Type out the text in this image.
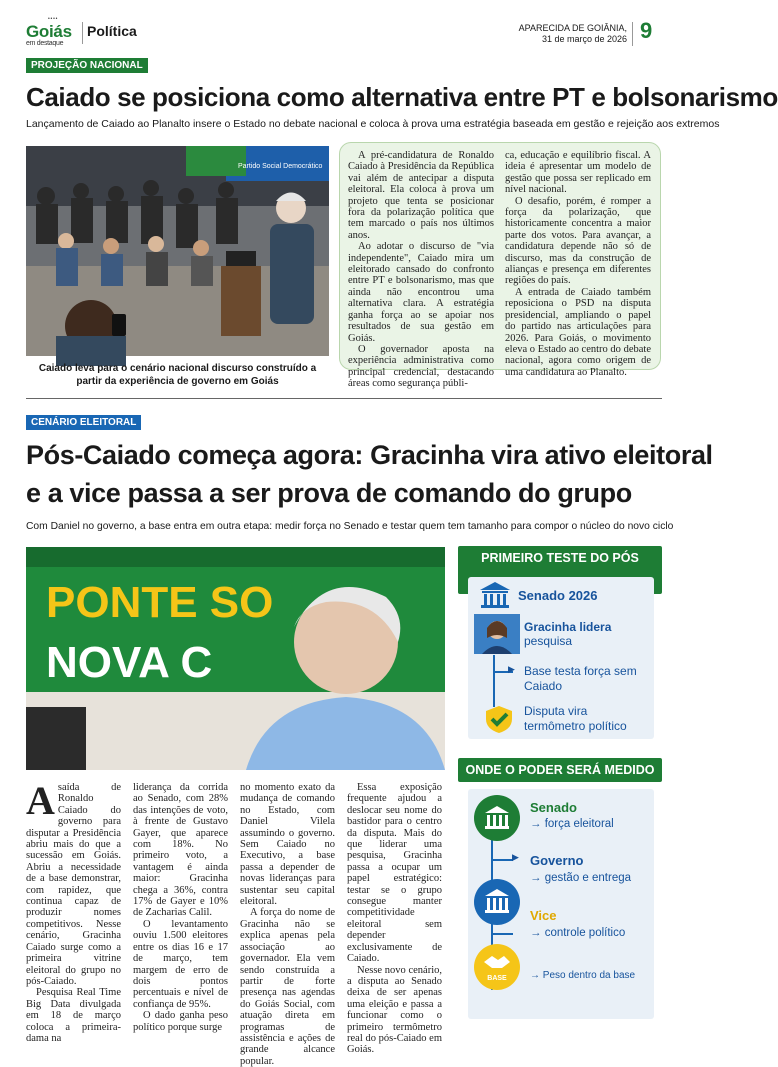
• • • •
Goiás
em destaque
Política	APARECIDA DE GOIÂNIA,
31 de março de 2026 9
PROJEÇÃO NACIONAL
Caiado se posiciona como alternativa entre PT e bolsonarismo
Lançamento de Caiado ao Planalto insere o Estado no debate nacional e coloca à prova uma estratégia baseada em gestão e rejeição aos extremos
Partido Social Democrático
Caiado leva para o cenário nacional discurso construído a
partir da experiência de governo em Goiás

A pré-candidatura de Ronaldo Caiado à Presidência da República vai além de antecipar a disputa eleitoral. Ela coloca à prova um projeto que tenta se posicionar fora da polarização política que tem marcado o país nos últimos anos.

Ao adotar o discurso de "via independente", Caiado mira um eleitorado cansado do confronto entre PT e bolsonarismo, mas que ainda não encontrou uma alternativa clara. A estratégia ganha força ao se apoiar nos resultados de sua gestão em Goiás.

O governador aposta na experiência administrativa como principal credencial, destacando áreas como segurança públi-

ca, educação e equilíbrio fiscal. A ideia é apresentar um modelo de gestão que possa ser replicado em nível nacional.

O desafio, porém, é romper a força da polarização, que historicamente concentra a maior parte dos votos. Para avançar, a candidatura depende não só de discurso, mas da construção de alianças e presença em diferentes regiões do país.

A entrada de Caiado também reposiciona o PSD na disputa presidencial, ampliando o papel do partido nas articulações para 2026. Para Goiás, o movimento eleva o Estado ao centro do debate nacional, agora como origem de uma candidatura ao Planalto.

CENÁRIO ELEITORAL
Pós-Caiado começa agora: Gracinha vira ativo eleitoral
e a vice passa a ser prova de comando do grupo
Com Daniel no governo, a base entra em outra etapa: medir força no Senado e testar quem tem tamanho para compor o núcleo do novo ciclo
PONTE SO
NOVA C
A saída de Ronaldo Caiado do governo para disputar a Presidência abriu mais do que a sucessão em Goiás. Abriu a necessidade de a base demonstrar, com rapidez, que continua capaz de produzir nomes competitivos. Nesse cenário, Gracinha Caiado surge como a primeira vitrine eleitoral do grupo no pós-Caiado.

Pesquisa Real Time Big Data divulgada em 18 de março coloca a primeira-dama na

liderança da corrida ao Senado, com 28% das intenções de voto, à frente de Gustavo Gayer, que aparece com 18%. No primeiro voto, a vantagem é ainda maior: Gracinha chega a 36%, contra 17% de Gayer e 10% de Zacharias Calil.

O levantamento ouviu 1.500 eleitores entre os dias 16 e 17 de março, tem margem de erro de dois pontos percentuais e nível de confiança de 95%.

O dado ganha peso político porque surge

no momento exato da mudança de comando no Estado, com Daniel Vilela assumindo o governo. Sem Caiado no Executivo, a base passa a depender de novas lideranças para sustentar seu capital eleitoral.

A força do nome de Gracinha não se explica apenas pela associação ao governador. Ela vem sendo construída a partir de forte presença nas agendas do Goiás Social, com atuação direta em programas de assistência e ações de grande alcance popular.

Essa exposição frequente ajudou a deslocar seu nome do bastidor para o centro da disputa. Mais do que liderar uma pesquisa, Gracinha passa a ocupar um papel estratégico: testar se o grupo consegue manter competitividade eleitoral sem depender exclusivamente de Caiado.

Nesse novo cenário, a disputa ao Senado deixa de ser apenas uma eleição e passa a funcionar como o primeiro termômetro real do pós-Caiado em Goiás.

PRIMEIRO TESTE DO PÓS
Senado 2026
Gracinha lidera
pesquisa
▶ Base testa força sem Caiado
Disputa vira termômetro político
ONDE O PODER SERÁ MEDIDO
Senado
→ força eleitoral
▶ Governo
→ gestão e entrega
Vice
→ controle político
BASE	→ Peso dentro da base
